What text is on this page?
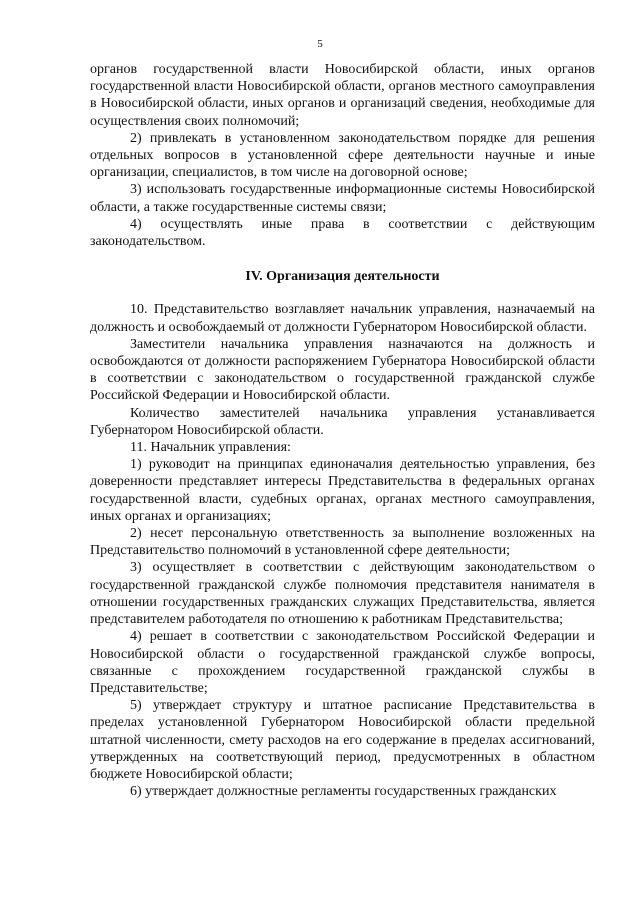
5

органов государственной власти Новосибирской области, иных органов государственной власти Новосибирской области, органов местного самоуправления в Новосибирской области, иных органов и организаций сведения, необходимые для осуществления своих полномочий;

2) привлекать в установленном законодательством порядке для решения отдельных вопросов в установленной сфере деятельности научные и иные организации, специалистов, в том числе на договорной основе;

3) использовать государственные информационные системы Новосибирской области, а также государственные системы связи;

4) осуществлять иные права в соответствии с действующим законодательством.

IV. Организация деятельности

10. Представительство возглавляет начальник управления, назначаемый на должность и освобождаемый от должности Губернатором Новосибирской области.

Заместители начальника управления назначаются на должность и освобождаются от должности распоряжением Губернатора Новосибирской области в соответствии с законодательством о государственной гражданской службе Российской Федерации и Новосибирской области.

Количество заместителей начальника управления устанавливается Губернатором Новосибирской области.

11. Начальник управления:

1) руководит на принципах единоначалия деятельностью управления, без доверенности представляет интересы Представительства в федеральных органах государственной власти, судебных органах, органах местного самоуправления, иных органах и организациях;

2) несет персональную ответственность за выполнение возложенных на Представительство полномочий в установленной сфере деятельности;

3) осуществляет в соответствии с действующим законодательством о государственной гражданской службе полномочия представителя нанимателя в отношении государственных гражданских служащих Представительства, является представителем работодателя по отношению к работникам Представительства;

4) решает в соответствии с законодательством Российской Федерации и Новосибирской области о государственной гражданской службе вопросы, связанные с прохождением государственной гражданской службы в Представительстве;

5) утверждает структуру и штатное расписание Представительства в пределах установленной Губернатором Новосибирской области предельной штатной численности, смету расходов на его содержание в пределах ассигнований, утвержденных на соответствующий период, предусмотренных в областном бюджете Новосибирской области;

6) утверждает должностные регламенты государственных гражданских
